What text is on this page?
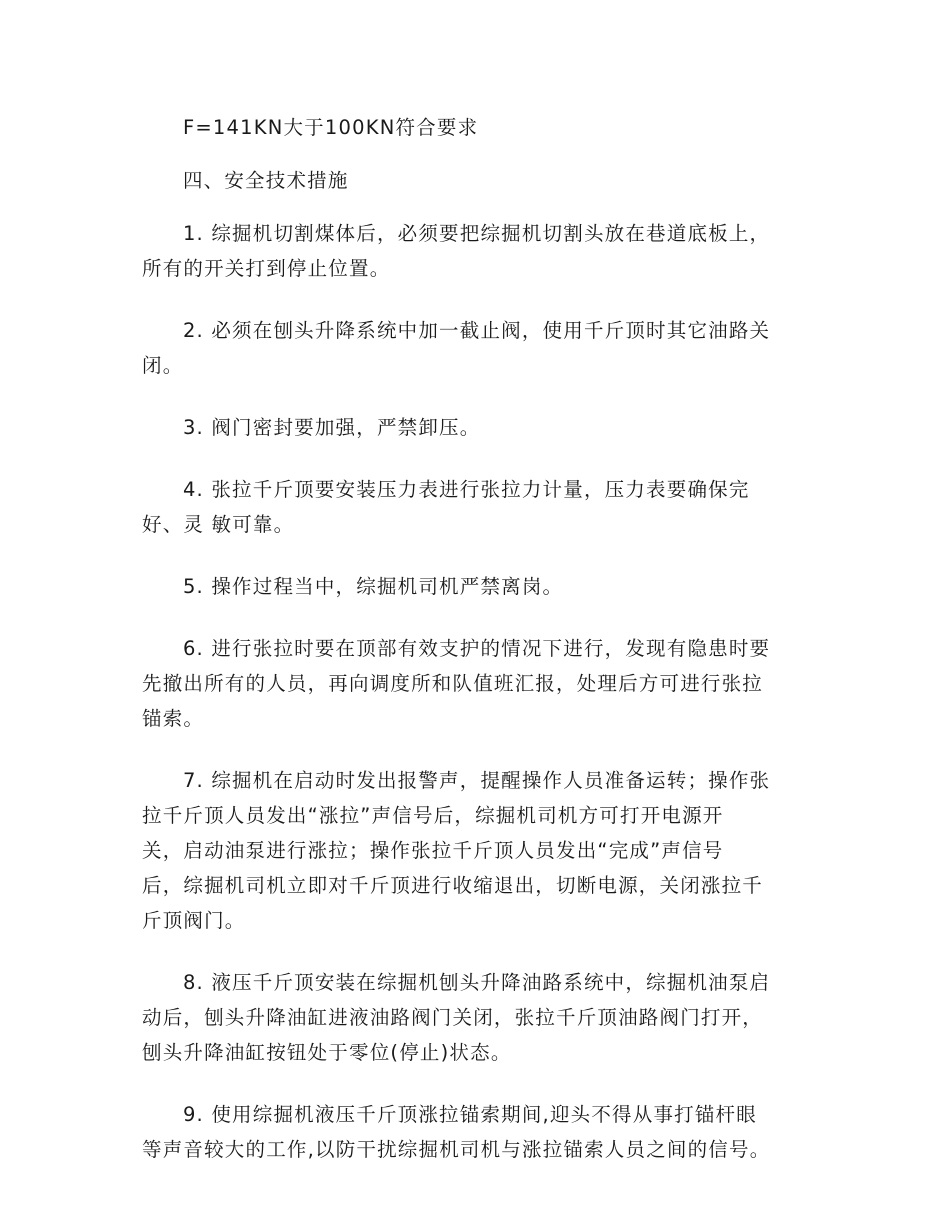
F=141KN大于100KN符合要求

四、安全技术措施

1. 综掘机切割煤体后，必须要把综掘机切割头放在巷道底板上，
所有的开关打到停止位置。

2. 必须在刨头升降系统中加一截止阀，使用千斤顶时其它油路关
闭。

3. 阀门密封要加强，严禁卸压。

4. 张拉千斤顶要安装压力表进行张拉力计量，压力表要确保完
好、灵 敏可靠。

5. 操作过程当中，综掘机司机严禁离岗。

6. 进行张拉时要在顶部有效支护的情况下进行，发现有隐患时要
先撤出所有的人员，再向调度所和队值班汇报，处理后方可进行张拉
锚索。

7. 综掘机在启动时发出报警声，提醒操作人员准备运转；操作张
拉千斤顶人员发出“涨拉”声信号后，综掘机司机方可打开电源开
关，启动油泵进行涨拉；操作张拉千斤顶人员发出“完成”声信号
后，综掘机司机立即对千斤顶进行收缩退出，切断电源，关闭涨拉千
斤顶阀门。

8. 液压千斤顶安装在综掘机刨头升降油路系统中，综掘机油泵启
动后，刨头升降油缸进液油路阀门关闭，张拉千斤顶油路阀门打开，
刨头升降油缸按钮处于零位(停止)状态。

9. 使用综掘机液压千斤顶涨拉锚索期间,迎头不得从事打锚杆眼
等声音较大的工作,以防干扰综掘机司机与涨拉锚索人员之间的信号。
